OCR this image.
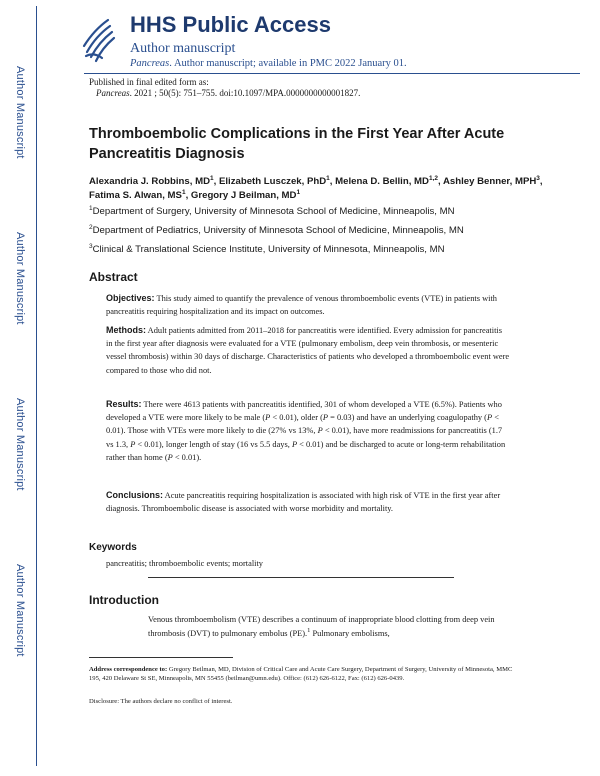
Author Manuscript
Author Manuscript
Author Manuscript
Author Manuscript
HHS Public Access
Author manuscript
Pancreas. Author manuscript; available in PMC 2022 January 01.
Published in final edited form as:
Pancreas. 2021 ; 50(5): 751–755. doi:10.1097/MPA.0000000000001827.
Thromboembolic Complications in the First Year After Acute Pancreatitis Diagnosis
Alexandria J. Robbins, $MD^1$, Elizabeth Lusczek, PhD$^1$, Melena D. Bellin, MD$^{1,2}$, Ashley Benner, MPH$^3$, Fatima S. Alwan, $MS^1$, Gregory J Beilman, $MD^1$
$^1$Department of Surgery, University of Minnesota School of Medicine, Minneapolis, MN
$^2$Department of Pediatrics, University of Minnesota School of Medicine, Minneapolis, MN
$^3$Clinical & Translational Science Institute, University of Minnesota, Minneapolis, MN
Abstract
Objectives: This study aimed to quantify the prevalence of venous thromboembolic events (VTE) in patients with pancreatitis requiring hospitalization and its impact on outcomes.
Methods: Adult patients admitted from 2011–2018 for pancreatitis were identified. Every admission for pancreatitis in the first year after diagnosis were evaluated for a VTE (pulmonary embolism, deep vein thrombosis, or mesenteric vessel thrombosis) within 30 days of discharge. Characteristics of patients who developed a thromboembolic event were compared to those who did not.
Results: There were 4613 patients with pancreatitis identified, 301 of whom developed a VTE (6.5%). Patients who developed a VTE were more likely to be male (P < 0.01), older (P = 0.03) and have an underlying coagulopathy (P < 0.01). Those with VTEs were more likely to die (27% vs 13%, P < 0.01), have more readmissions for pancreatitis (1.7 vs 1.3, P < 0.01), longer length of stay (16 vs 5.5 days, P < 0.01) and be discharged to acute or long-term rehabilitation rather than home (P < 0.01).
Conclusions: Acute pancreatitis requiring hospitalization is associated with high risk of VTE in the first year after diagnosis. Thromboembolic disease is associated with worse morbidity and mortality.
Keywords
pancreatitis; thromboembolic events; mortality
Introduction
Venous thromboembolism (VTE) describes a continuum of inappropriate blood clotting from deep vein thrombosis (DVT) to pulmonary embolus (PE).$^1$ Pulmonary embolisms,
Address correspondence to: Gregory Beilman, MD, Division of Critical Care and Acute Care Surgery, Department of Surgery, University of Minnesota, MMC 195, 420 Delaware St SE, Minneapolis, MN 55455 (beilman@umn.edu). Office: (612) 626-6122, Fax: (612) 626-0439.
Disclosure: The authors declare no conflict of interest.
